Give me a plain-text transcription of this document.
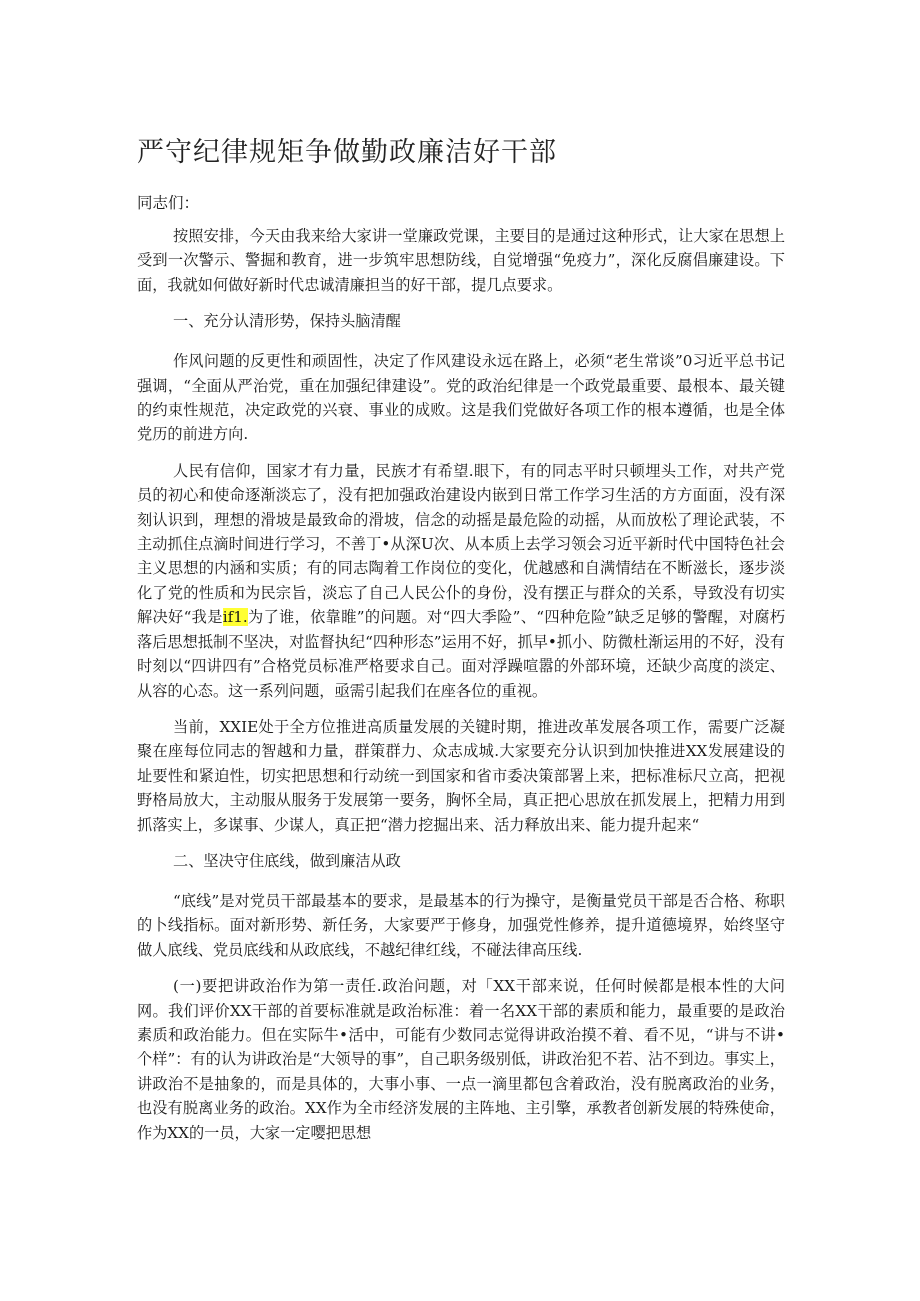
严守纪律规矩争做勤政廉洁好干部

同志们：

按照安排，今天由我来给大家讲一堂廉政党课，主要目的是通过这种形式，让大家在思想上受到一次警示、警掘和教育，进一步筑牢思想防线，自觉增强“免疫力”，深化反腐倡廉建设。下面，我就如何做好新时代忠诚清廉担当的好干部，提几点要求。

一、充分认清形势，保持头脑清醒

作风问题的反更性和顽固性，决定了作风建设永远在路上，必须“老生常谈”0习近平总书记强调，“全面从严治党，重在加强纪律建设”。党的政治纪律是一个政党最重要、最根本、最关键的约束性规范，决定政党的兴衰、事业的成败。这是我们党做好各项工作的根本遵循，也是全体党历的前进方向.

人民有信仰，国家才有力量，民族才有希望.眼下，有的同志平时只顿埋头工作，对共产党员的初心和使命逐渐淡忘了，没有把加强政治建设内嵌到日常工作学习生活的方方面面，没有深刻认识到，理想的滑坡是最致命的滑坡，信念的动摇是最危险的动摇，从而放松了理论武装，不主动抓住点滴时间进行学习，不善丁•从深U次、从本质上去学习领会习近平新时代中国特色社会主义思想的内涵和实质；有的同志陶着工作岗位的变化，优越感和自满情结在不断滋长，逐步淡化了党的性质和为民宗旨，淡忘了自己人民公仆的身份，没有摆正与群众的关系，导致没有切实解决好“我是if1.为了谁，依靠睢”的问题。对“四大季险”、“四种危险”缺乏足够的警醒，对腐朽落后思想抵制不坚决，对监督执纪“四种形态”运用不好，抓早•抓小、防微杜渐运用的不好，没有时刻以“四讲四有”合格党员标准严格要求自己。面对浮躁喧嚣的外部环境，还缺少高度的淡定、从容的心态。这一系列问题，亟需引起我们在座各位的重视。

当前，XXIE处于全方位推进高质量发展的关键时期，推进改革发展各项工作，需要广泛凝聚在座每位同志的智越和力量，群策群力、众志成城.大家要充分认识到加快推进XX发展建设的址要性和紧迫性，切实把思想和行动统一到国家和省市委决策部署上来，把标准标尺立高，把视野格局放大，主动服从服务于发展第一要务，胸怀全局，真正把心思放在抓发展上，把精力用到抓落实上，多谋事、少谋人，真正把“潜力挖掘出来、活力释放出来、能力提升起来“

二、坚决守住底线，做到廉洁从政

“底线”是对党员干部最基本的要求，是最基本的行为操守，是衡量党员干部是否合格、称职的卜线指标。面对新形势、新任务，大家要严于修身，加强党性修养，提升道德境界，始终坚守做人底线、党员底线和从政底线，不越纪律红线，不碰法律高压线.

(一)要把讲政治作为第一责任.政治问题，对「XX干部来说，任何时候都是根本性的大问网。我们评价XX干部的首要标准就是政治标准：着一名XX干部的素质和能力，最重要的是政治素质和政治能力。但在实际牛•活中，可能有少数同志觉得讲政治摸不着、看不见，“讲与不讲•个样”：有的认为讲政治是“大领导的事”，自己职务级别低，讲政治犯不若、沾不到边。事实上，讲政治不是抽象的，而是具体的，大事小事、一点一滴里都包含着政治，没有脱离政治的业务，也没有脱离业务的政治。XX作为全市经济发展的主阵地、主引擎，承教者创新发展的特殊使命，作为XX的一员，大家一定嘤把思想
